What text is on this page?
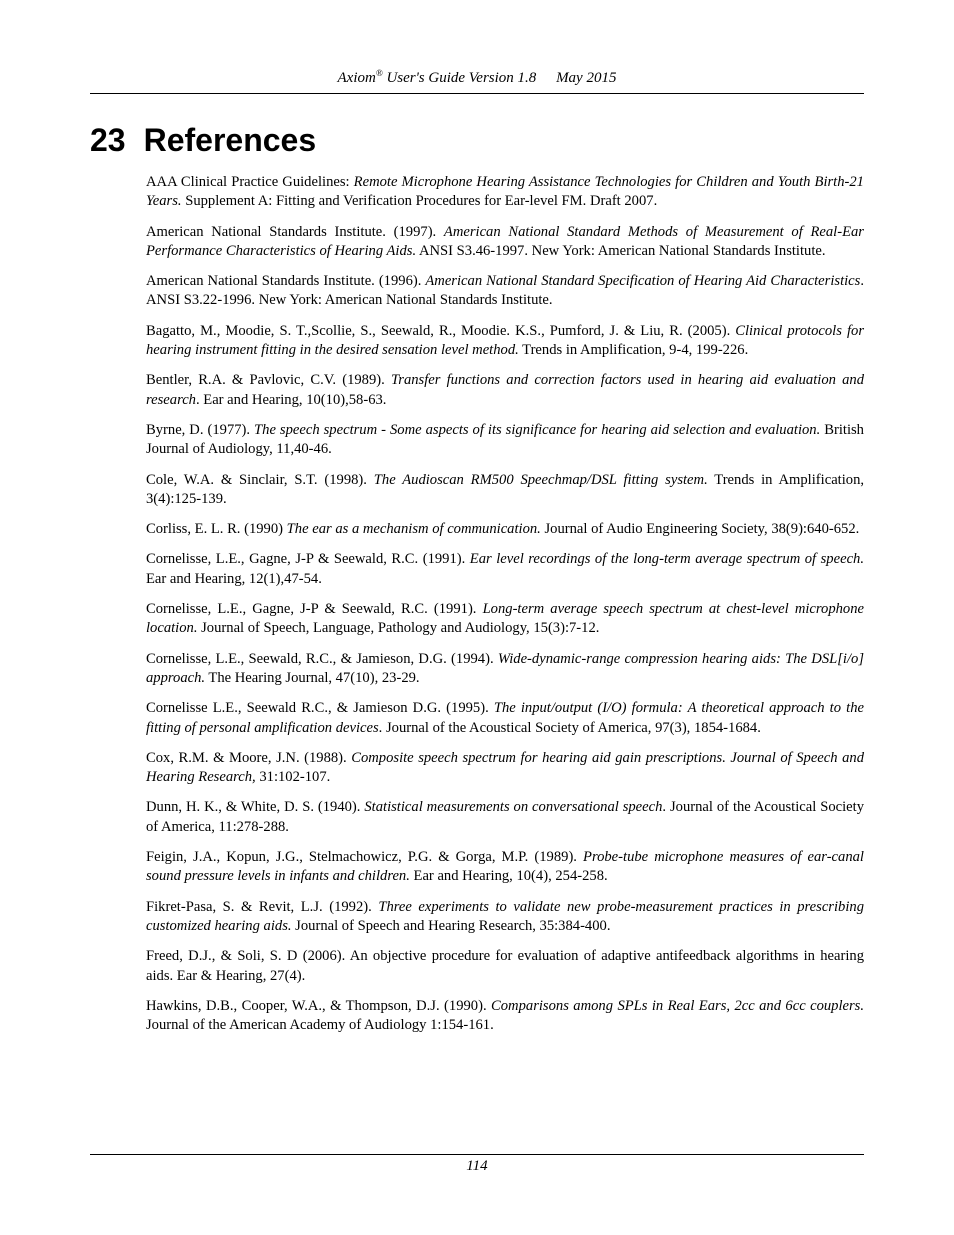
Axiom® User's Guide Version 1.8 May 2015
23 References

AAA Clinical Practice Guidelines: Remote Microphone Hearing Assistance Technologies for Children and Youth Birth-21 Years. Supplement A: Fitting and Verification Procedures for Ear-level FM. Draft 2007.

American National Standards Institute. (1997). American National Standard Methods of Measurement of Real-Ear Performance Characteristics of Hearing Aids. ANSI S3.46-1997. New York: American National Standards Institute.

American National Standards Institute. (1996). American National Standard Specification of Hearing Aid Characteristics. ANSI S3.22-1996. New York: American National Standards Institute.

Bagatto, M., Moodie, S. T.,Scollie, S., Seewald, R., Moodie. K.S., Pumford, J. & Liu, R. (2005). Clinical protocols for hearing instrument fitting in the desired sensation level method. Trends in Amplification, 9-4, 199-226.

Bentler, R.A. & Pavlovic, C.V. (1989). Transfer functions and correction factors used in hearing aid evaluation and research. Ear and Hearing, 10(10),58-63.

Byrne, D. (1977). The speech spectrum - Some aspects of its significance for hearing aid selection and evaluation. British Journal of Audiology, 11,40-46.

Cole, W.A. & Sinclair, S.T. (1998). The Audioscan RM500 Speechmap/DSL fitting system. Trends in Amplification, 3(4):125-139.

Corliss, E. L. R. (1990) The ear as a mechanism of communication. Journal of Audio Engineering Society, 38(9):640-652.

Cornelisse, L.E., Gagne, J-P & Seewald, R.C. (1991). Ear level recordings of the long-term average spectrum of speech. Ear and Hearing, 12(1),47-54.

Cornelisse, L.E., Gagne, J-P & Seewald, R.C. (1991). Long-term average speech spectrum at chest-level microphone location. Journal of Speech, Language, Pathology and Audiology, 15(3):7-12.

Cornelisse, L.E., Seewald, R.C., & Jamieson, D.G. (1994). Wide-dynamic-range compression hearing aids: The DSL[i/o] approach. The Hearing Journal, 47(10), 23-29.

Cornelisse L.E., Seewald R.C., & Jamieson D.G. (1995). The input/output (I/O) formula: A theoretical approach to the fitting of personal amplification devices. Journal of the Acoustical Society of America, 97(3), 1854-1684.

Cox, R.M. & Moore, J.N. (1988). Composite speech spectrum for hearing aid gain prescriptions. Journal of Speech and Hearing Research, 31:102-107.

Dunn, H. K., & White, D. S. (1940). Statistical measurements on conversational speech. Journal of the Acoustical Society of America, 11:278-288.

Feigin, J.A., Kopun, J.G., Stelmachowicz, P.G. & Gorga, M.P. (1989). Probe-tube microphone measures of ear-canal sound pressure levels in infants and children. Ear and Hearing, 10(4), 254-258.

Fikret-Pasa, S. & Revit, L.J. (1992). Three experiments to validate new probe-measurement practices in prescribing customized hearing aids. Journal of Speech and Hearing Research, 35:384-400.

Freed, D.J., & Soli, S. D (2006). An objective procedure for evaluation of adaptive antifeedback algorithms in hearing aids. Ear & Hearing, 27(4).

Hawkins, D.B., Cooper, W.A., & Thompson, D.J. (1990). Comparisons among SPLs in Real Ears, 2cc and 6cc couplers. Journal of the American Academy of Audiology 1:154-161.

114
